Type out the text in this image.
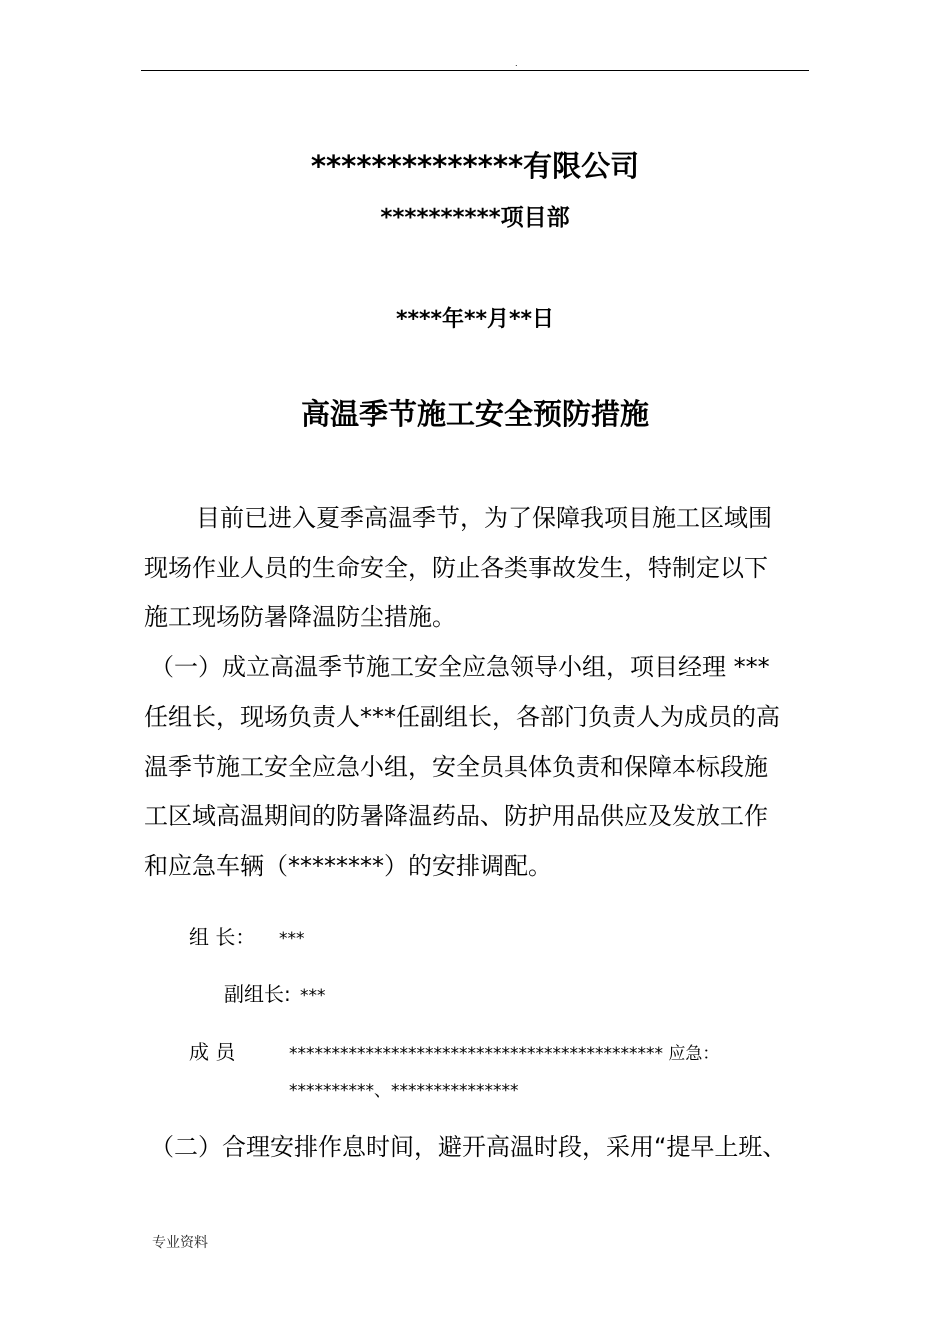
.
**************有限公司
**********项目部
****年**月**日
高温季节施工安全预防措施
目前已进入夏季高温季节，为了保障我项目施工区域围
现场作业人员的生命安全，防止各类事故发生，特制定以下
施工现场防暑降温防尘措施。
（一）成立高温季节施工安全应急领导小组，项目经理 ***
任组长，现场负责人***任副组长，各部门负责人为成员的高
温季节施工安全应急小组，安全员具体负责和保障本标段施
工区域高温期间的防暑降温药品、防护用品供应及发放工作
和应急车辆（********）的安排调配。
组 长： ***
副组长: ***
成 员	******************************************** 应急：
**********、***************
（二）合理安排作息时间，避开高温时段，采用“提早上班、
专业资料
